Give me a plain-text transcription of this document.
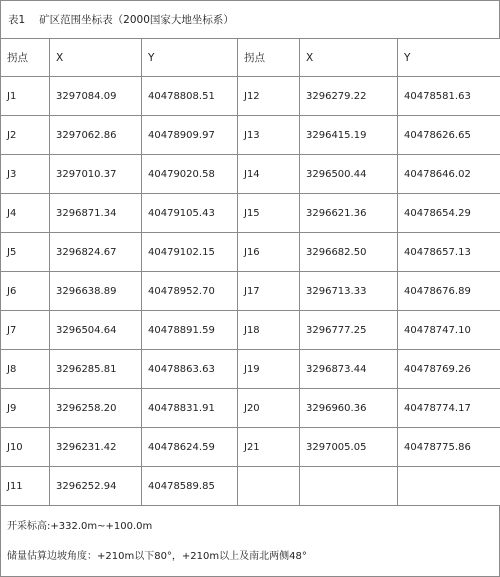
表1 矿区范围坐标表（2000国家大地坐标系）
拐点	X	Y	拐点	X	Y
J1	3297084.09	40478808.51	J12	3296279.22	40478581.63
J2	3297062.86	40478909.97	J13	3296415.19	40478626.65
J3	3297010.37	40479020.58	J14	3296500.44	40478646.02
J4	3296871.34	40479105.43	J15	3296621.36	40478654.29
J5	3296824.67	40479102.15	J16	3296682.50	40478657.13
J6	3296638.89	40478952.70	J17	3296713.33	40478676.89
J7	3296504.64	40478891.59	J18	3296777.25	40478747.10
J8	3296285.81	40478863.63	J19	3296873.44	40478769.26
J9	3296258.20	40478831.91	J20	3296960.36	40478774.17
J10	3296231.42	40478624.59	J21	3297005.05	40478775.86
J11	3296252.94	40478589.85			
开采标高:+332.0m~+100.0m
储量估算边坡角度：+210m以下80°，+210m以上及南北两侧48°
